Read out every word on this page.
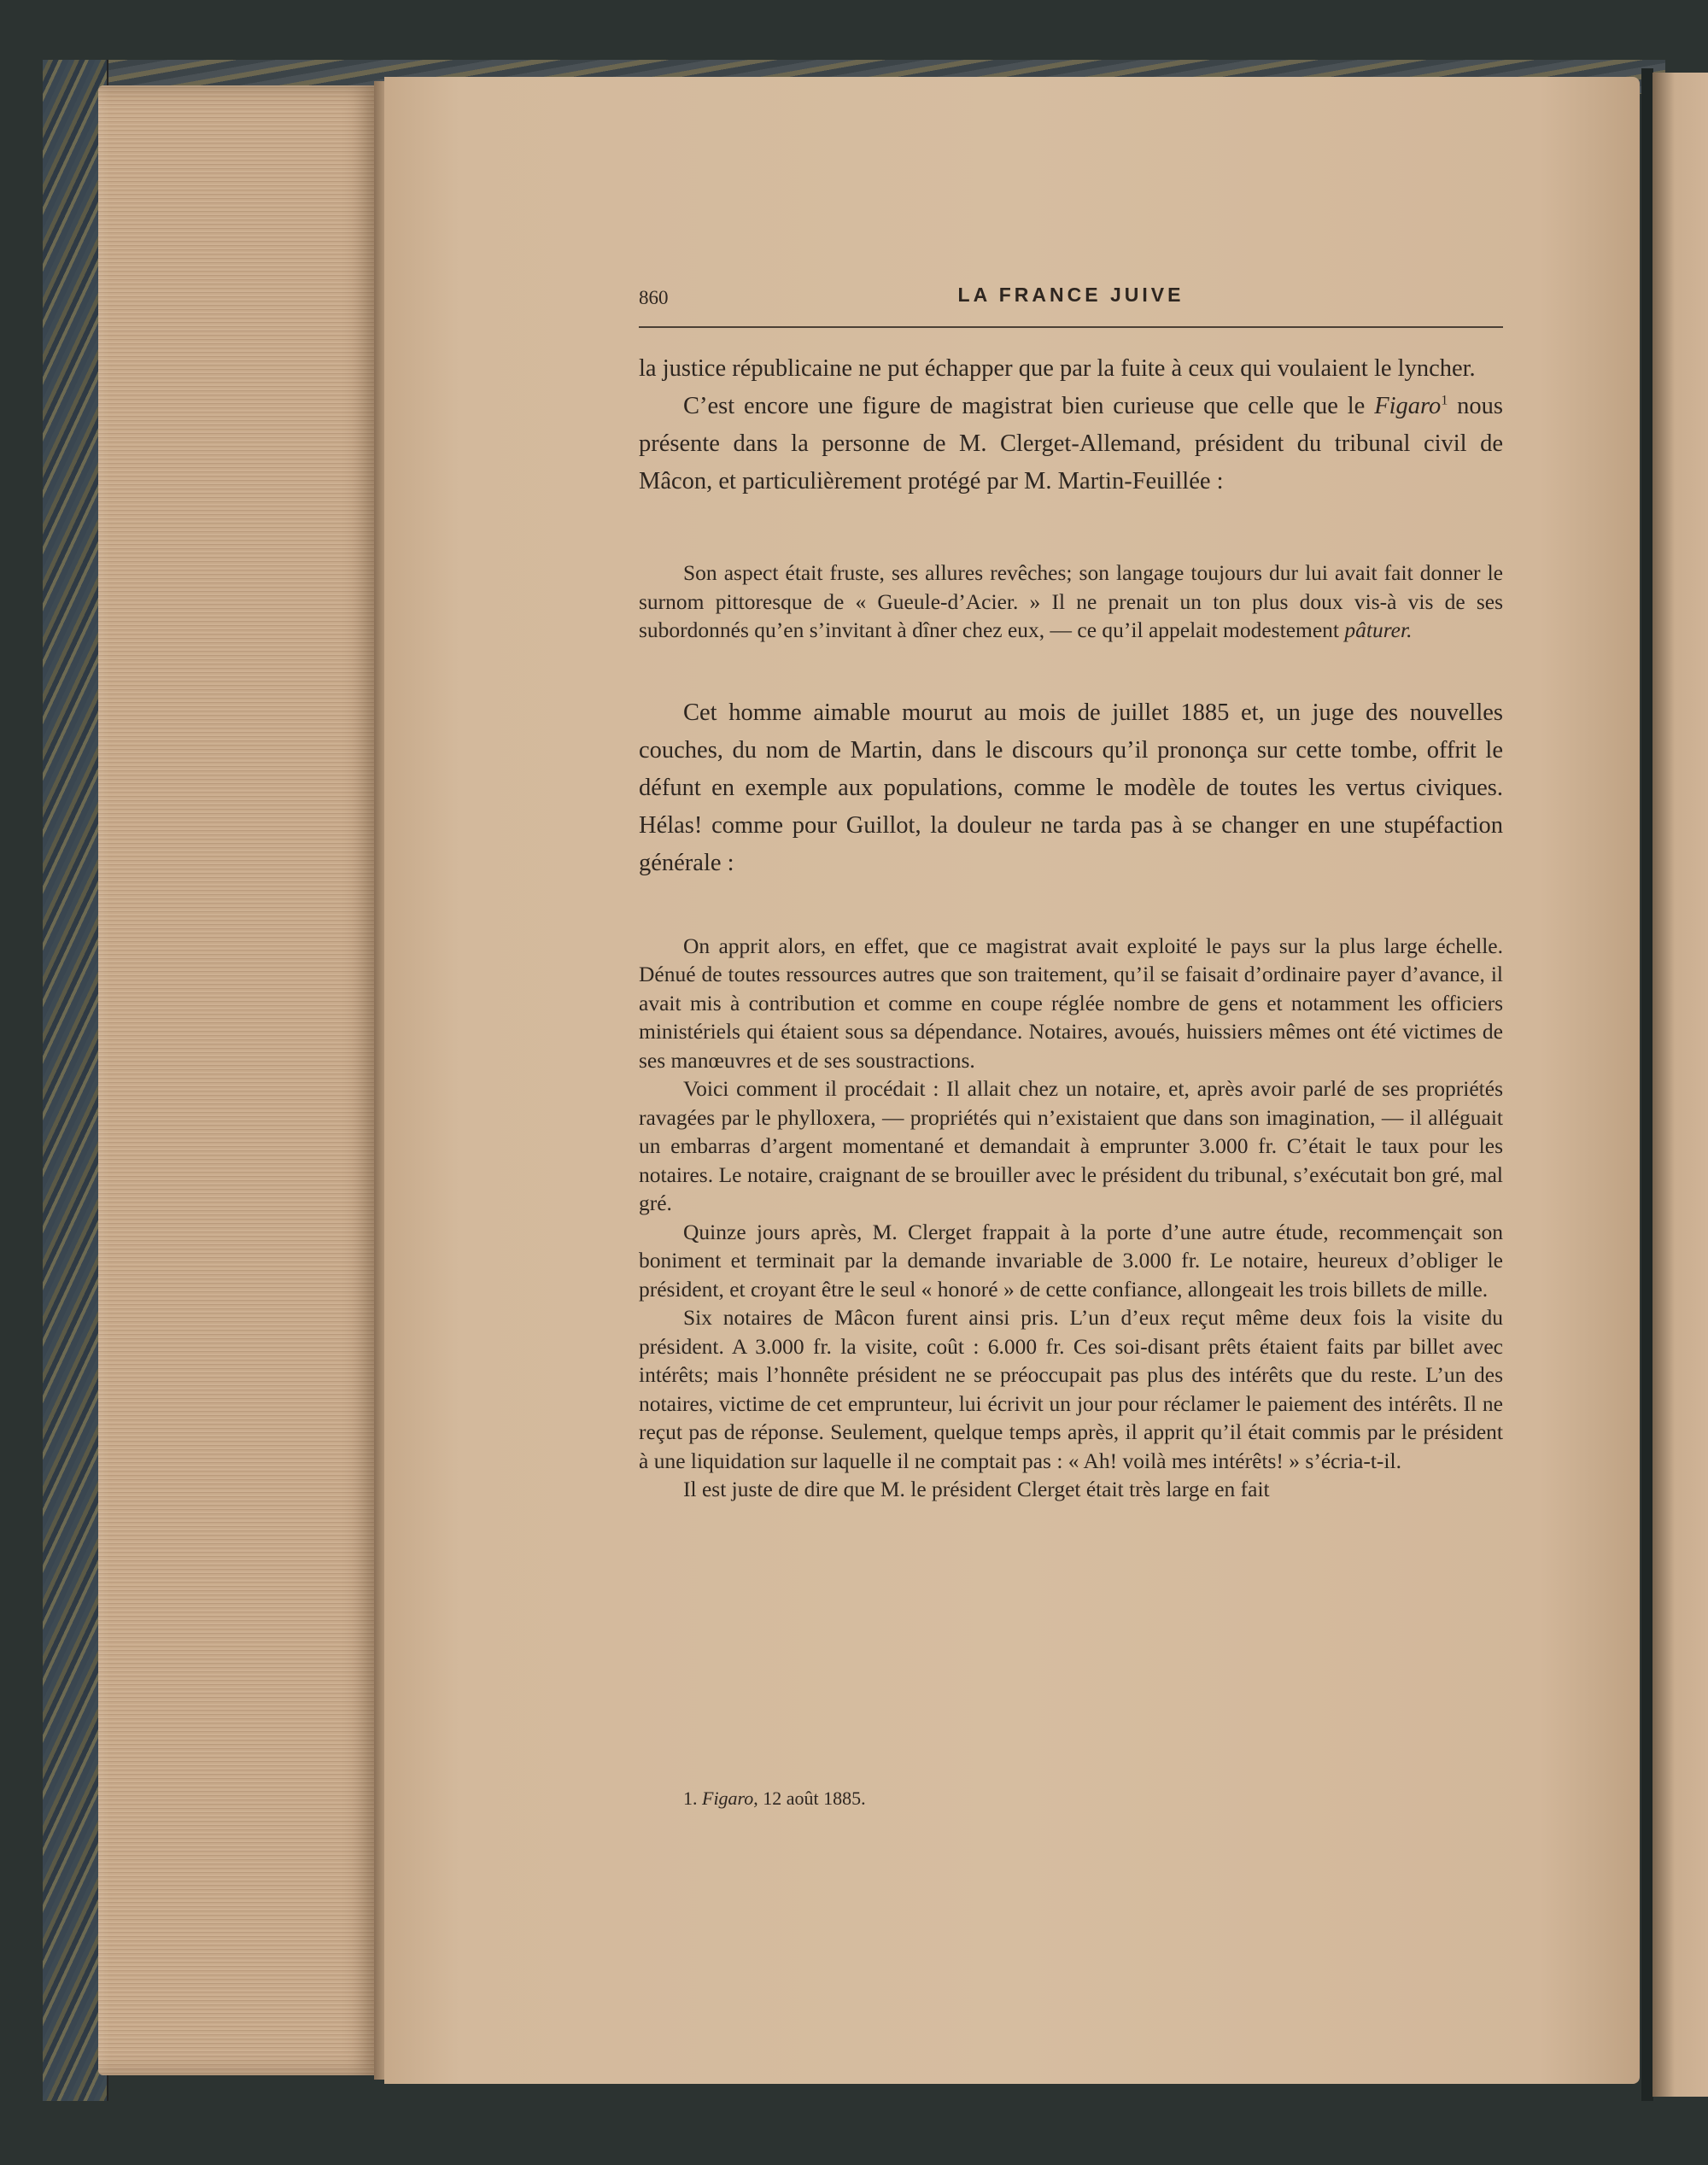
860	LA FRANCE JUIVE

la justice républicaine ne put échapper que par la fuite à ceux qui voulaient le lyncher.

C’est encore une figure de magistrat bien curieuse que celle que le Figaro$^1$ nous présente dans la personne de M. Clerget-Allemand, président du tribunal civil de Mâcon, et particulièrement protégé par M. Martin-Feuillée :

Son aspect était fruste, ses allures revêches; son langage toujours dur lui avait fait donner le surnom pittoresque de « Gueule-d’Acier. » Il ne prenait un ton plus doux vis-à vis de ses subordonnés qu’en s’invitant à dîner chez eux, — ce qu’il appelait modestement pâturer.

Cet homme aimable mourut au mois de juillet 1885 et, un juge des nouvelles couches, du nom de Martin, dans le discours qu’il prononça sur cette tombe, offrit le défunt en exemple aux populations, comme le modèle de toutes les vertus civiques. Hélas! comme pour Guillot, la douleur ne tarda pas à se changer en une stupéfaction générale :

On apprit alors, en effet, que ce magistrat avait exploité le pays sur la plus large échelle. Dénué de toutes ressources autres que son traitement, qu’il se faisait d’ordinaire payer d’avance, il avait mis à contribution et comme en coupe réglée nombre de gens et notamment les officiers ministériels qui étaient sous sa dépendance. Notaires, avoués, huissiers mêmes ont été victimes de ses manœuvres et de ses soustractions.

Voici comment il procédait : Il allait chez un notaire, et, après avoir parlé de ses propriétés ravagées par le phylloxera, — propriétés qui n’existaient que dans son imagination, — il alléguait un embarras d’argent momentané et demandait à emprunter 3.000 fr. C’était le taux pour les notaires. Le notaire, craignant de se brouiller avec le président du tribunal, s’exécutait bon gré, mal gré.

Quinze jours après, M. Clerget frappait à la porte d’une autre étude, recommençait son boniment et terminait par la demande invariable de 3.000 fr. Le notaire, heureux d’obliger le président, et croyant être le seul « honoré » de cette confiance, allongeait les trois billets de mille.

Six notaires de Mâcon furent ainsi pris. L’un d’eux reçut même deux fois la visite du président. A 3.000 fr. la visite, coût : 6.000 fr. Ces soi-disant prêts étaient faits par billet avec intérêts; mais l’honnête président ne se préoccupait pas plus des intérêts que du reste. L’un des notaires, victime de cet emprunteur, lui écrivit un jour pour réclamer le paiement des intérêts. Il ne reçut pas de réponse. Seulement, quelque temps après, il apprit qu’il était commis par le président à une liquidation sur laquelle il ne comptait pas : « Ah! voilà mes intérêts! » s’écria-t-il.

Il est juste de dire que M. le président Clerget était très large en fait

1. Figaro, 12 août 1885.
